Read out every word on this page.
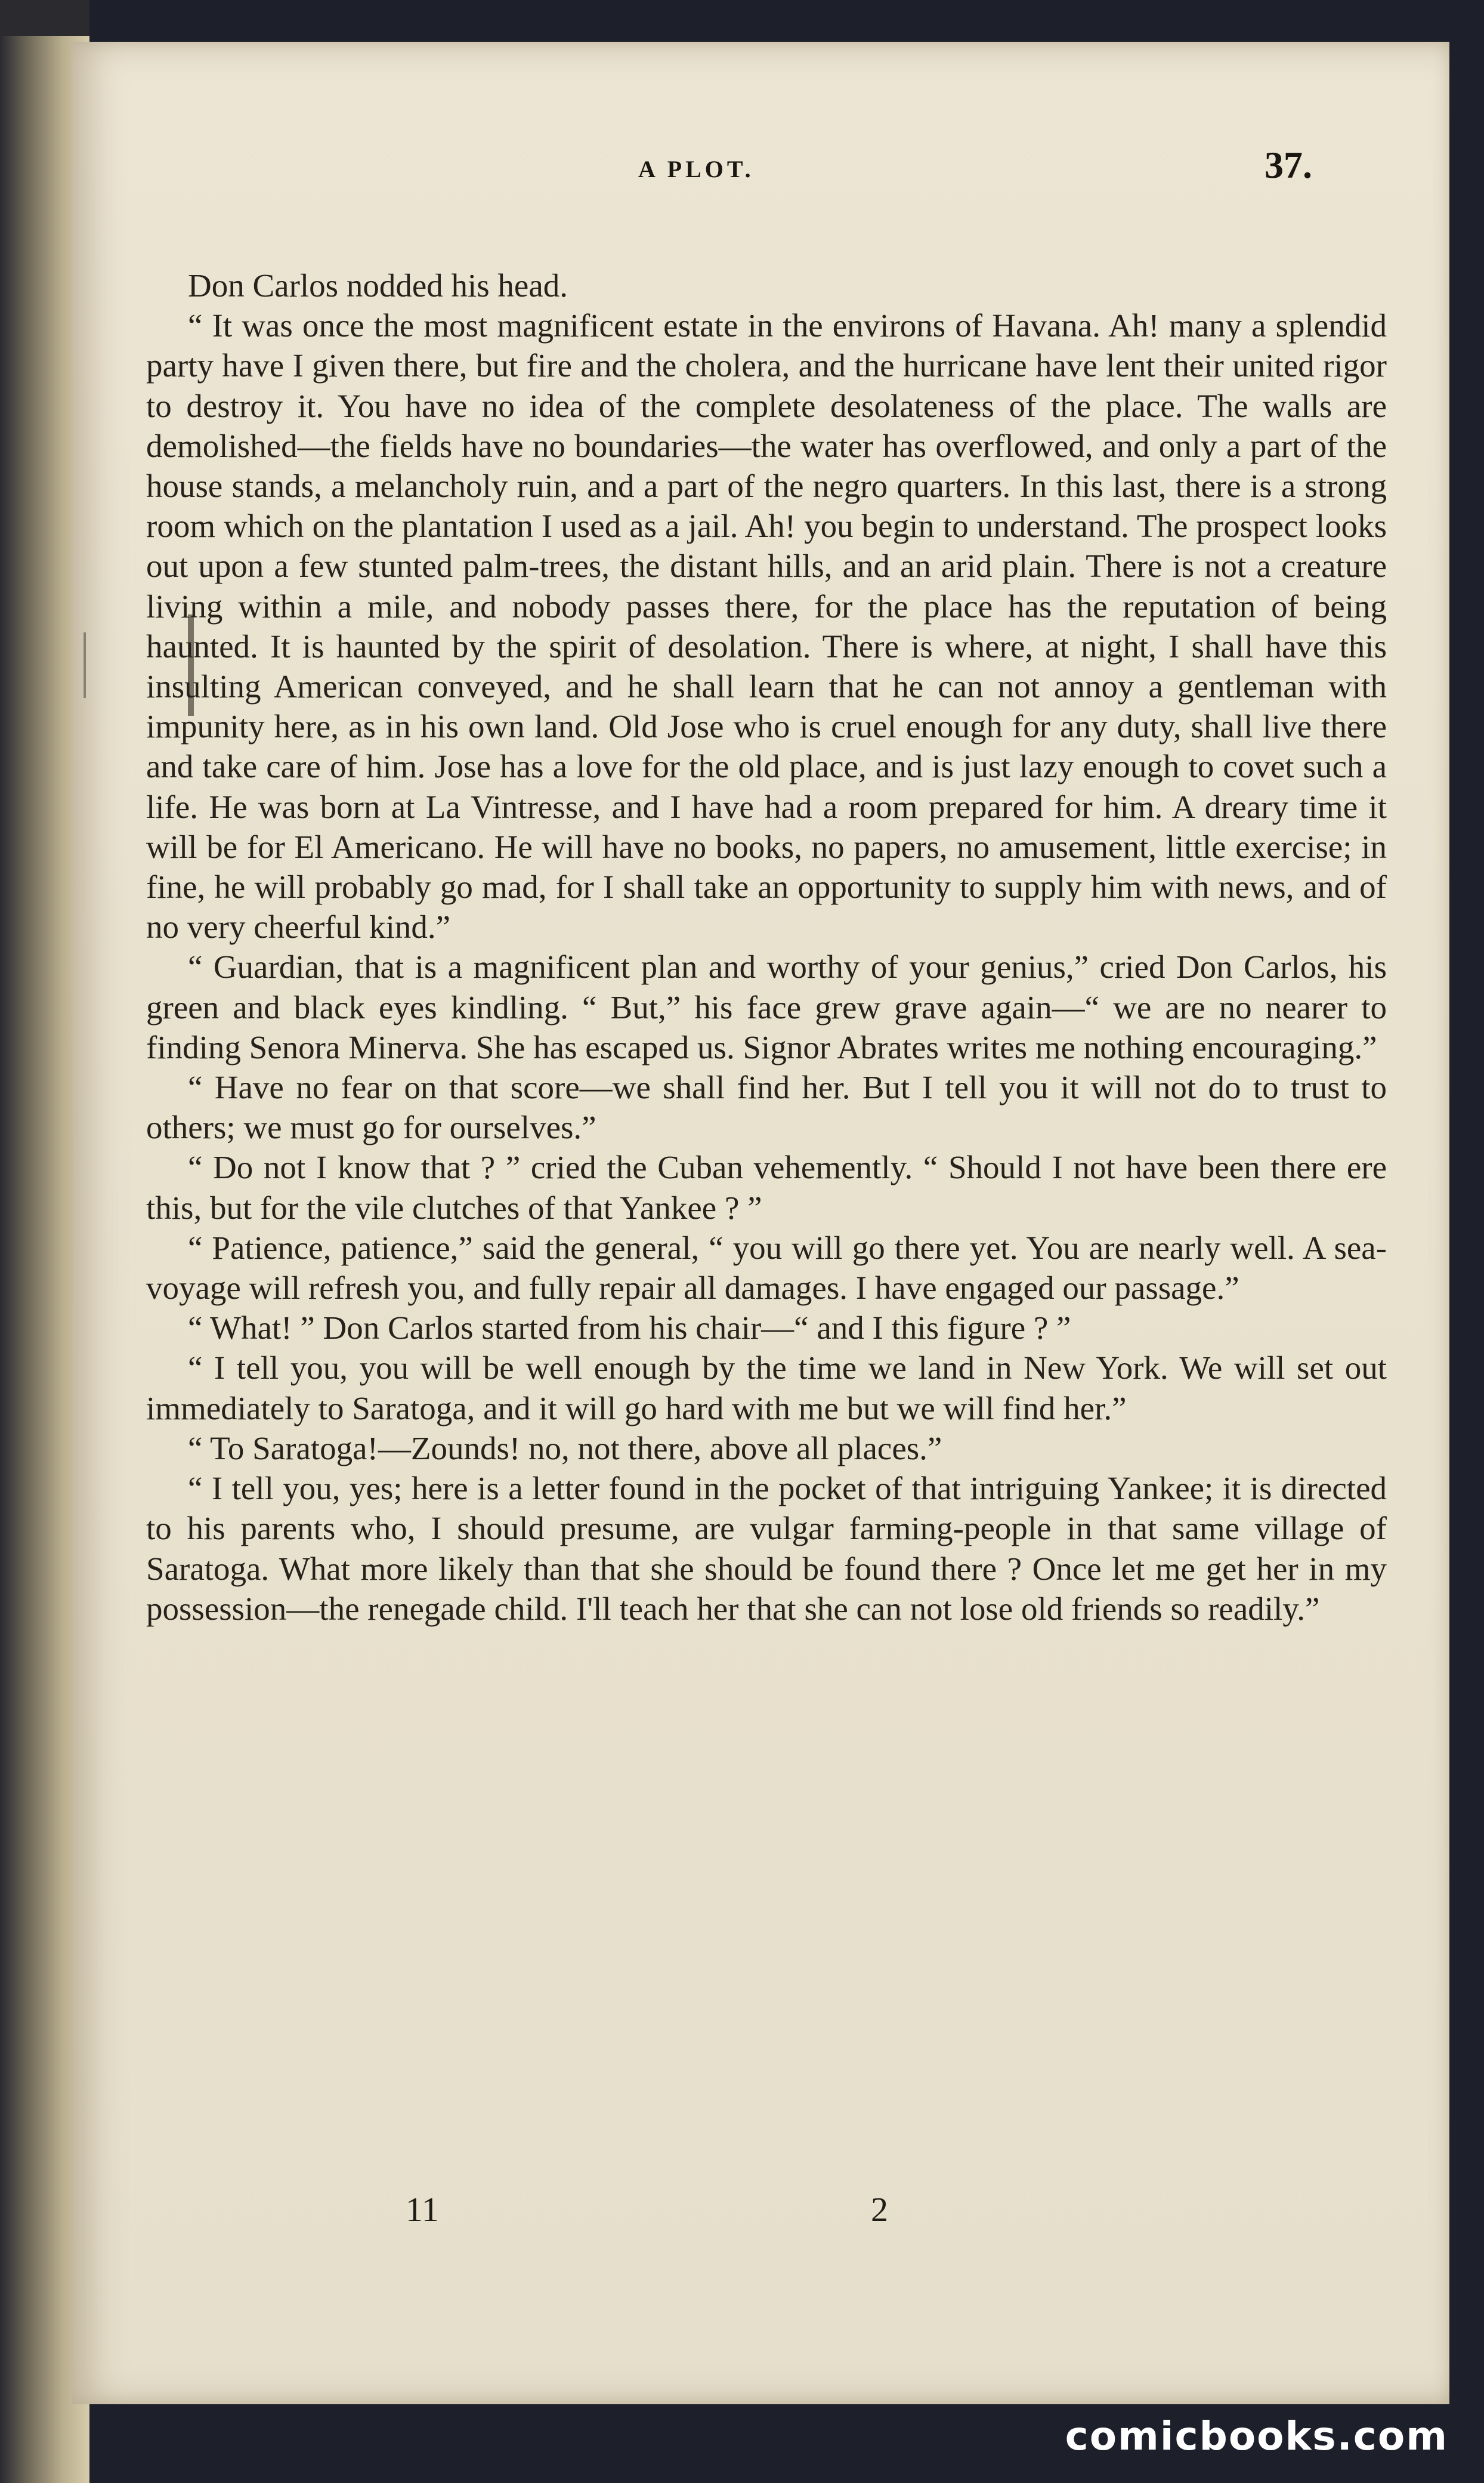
A PLOT.	37.

Don Carlos nodded his head.

“ It was once the most magnificent estate in the environs of Havana. Ah! many a splendid party have I given there, but fire and the cholera, and the hurricane have lent their united rigor to destroy it. You have no idea of the complete desolateness of the place. The walls are demolished—the fields have no boundaries—the water has overflowed, and only a part of the house stands, a melancholy ruin, and a part of the negro quarters. In this last, there is a strong room which on the plantation I used as a jail. Ah! you begin to understand. The prospect looks out upon a few stunted palm-trees, the distant hills, and an arid plain. There is not a creature living within a mile, and nobody passes there, for the place has the reputation of being haunted. It is haunted by the spirit of desolation. There is where, at night, I shall have this insulting American conveyed, and he shall learn that he can not annoy a gentleman with impunity here, as in his own land. Old Jose who is cruel enough for any duty, shall live there and take care of him. Jose has a love for the old place, and is just lazy enough to covet such a life. He was born at La Vintresse, and I have had a room prepared for him. A dreary time it will be for El Americano. He will have no books, no papers, no amusement, little exercise; in fine, he will probably go mad, for I shall take an opportunity to supply him with news, and of no very cheerful kind.”

“ Guardian, that is a magnificent plan and worthy of your genius,” cried Don Carlos, his green and black eyes kindling. “ But,” his face grew grave again—“ we are no nearer to finding Senora Minerva. She has escaped us. Signor Abrates writes me nothing encouraging.”

“ Have no fear on that score—we shall find her. But I tell you it will not do to trust to others; we must go for ourselves.”

“ Do not I know that ? ” cried the Cuban vehemently. “ Should I not have been there ere this, but for the vile clutches of that Yankee ? ”

“ Patience, patience,” said the general, “ you will go there yet. You are nearly well. A sea-voyage will refresh you, and fully repair all damages. I have engaged our passage.”

“ What! ” Don Carlos started from his chair—“ and I this figure ? ”

“ I tell you, you will be well enough by the time we land in New York. We will set out immediately to Saratoga, and it will go hard with me but we will find her.”

“ To Saratoga!—Zounds! no, not there, above all places.”

“ I tell you, yes; here is a letter found in the pocket of that intriguing Yankee; it is directed to his parents who, I should presume, are vulgar farming-people in that same village of Saratoga. What more likely than that she should be found there ? Once let me get her in my possession—the renegade child. I'll teach her that she can not lose old friends so readily.”

11	2
comicbooks.com
